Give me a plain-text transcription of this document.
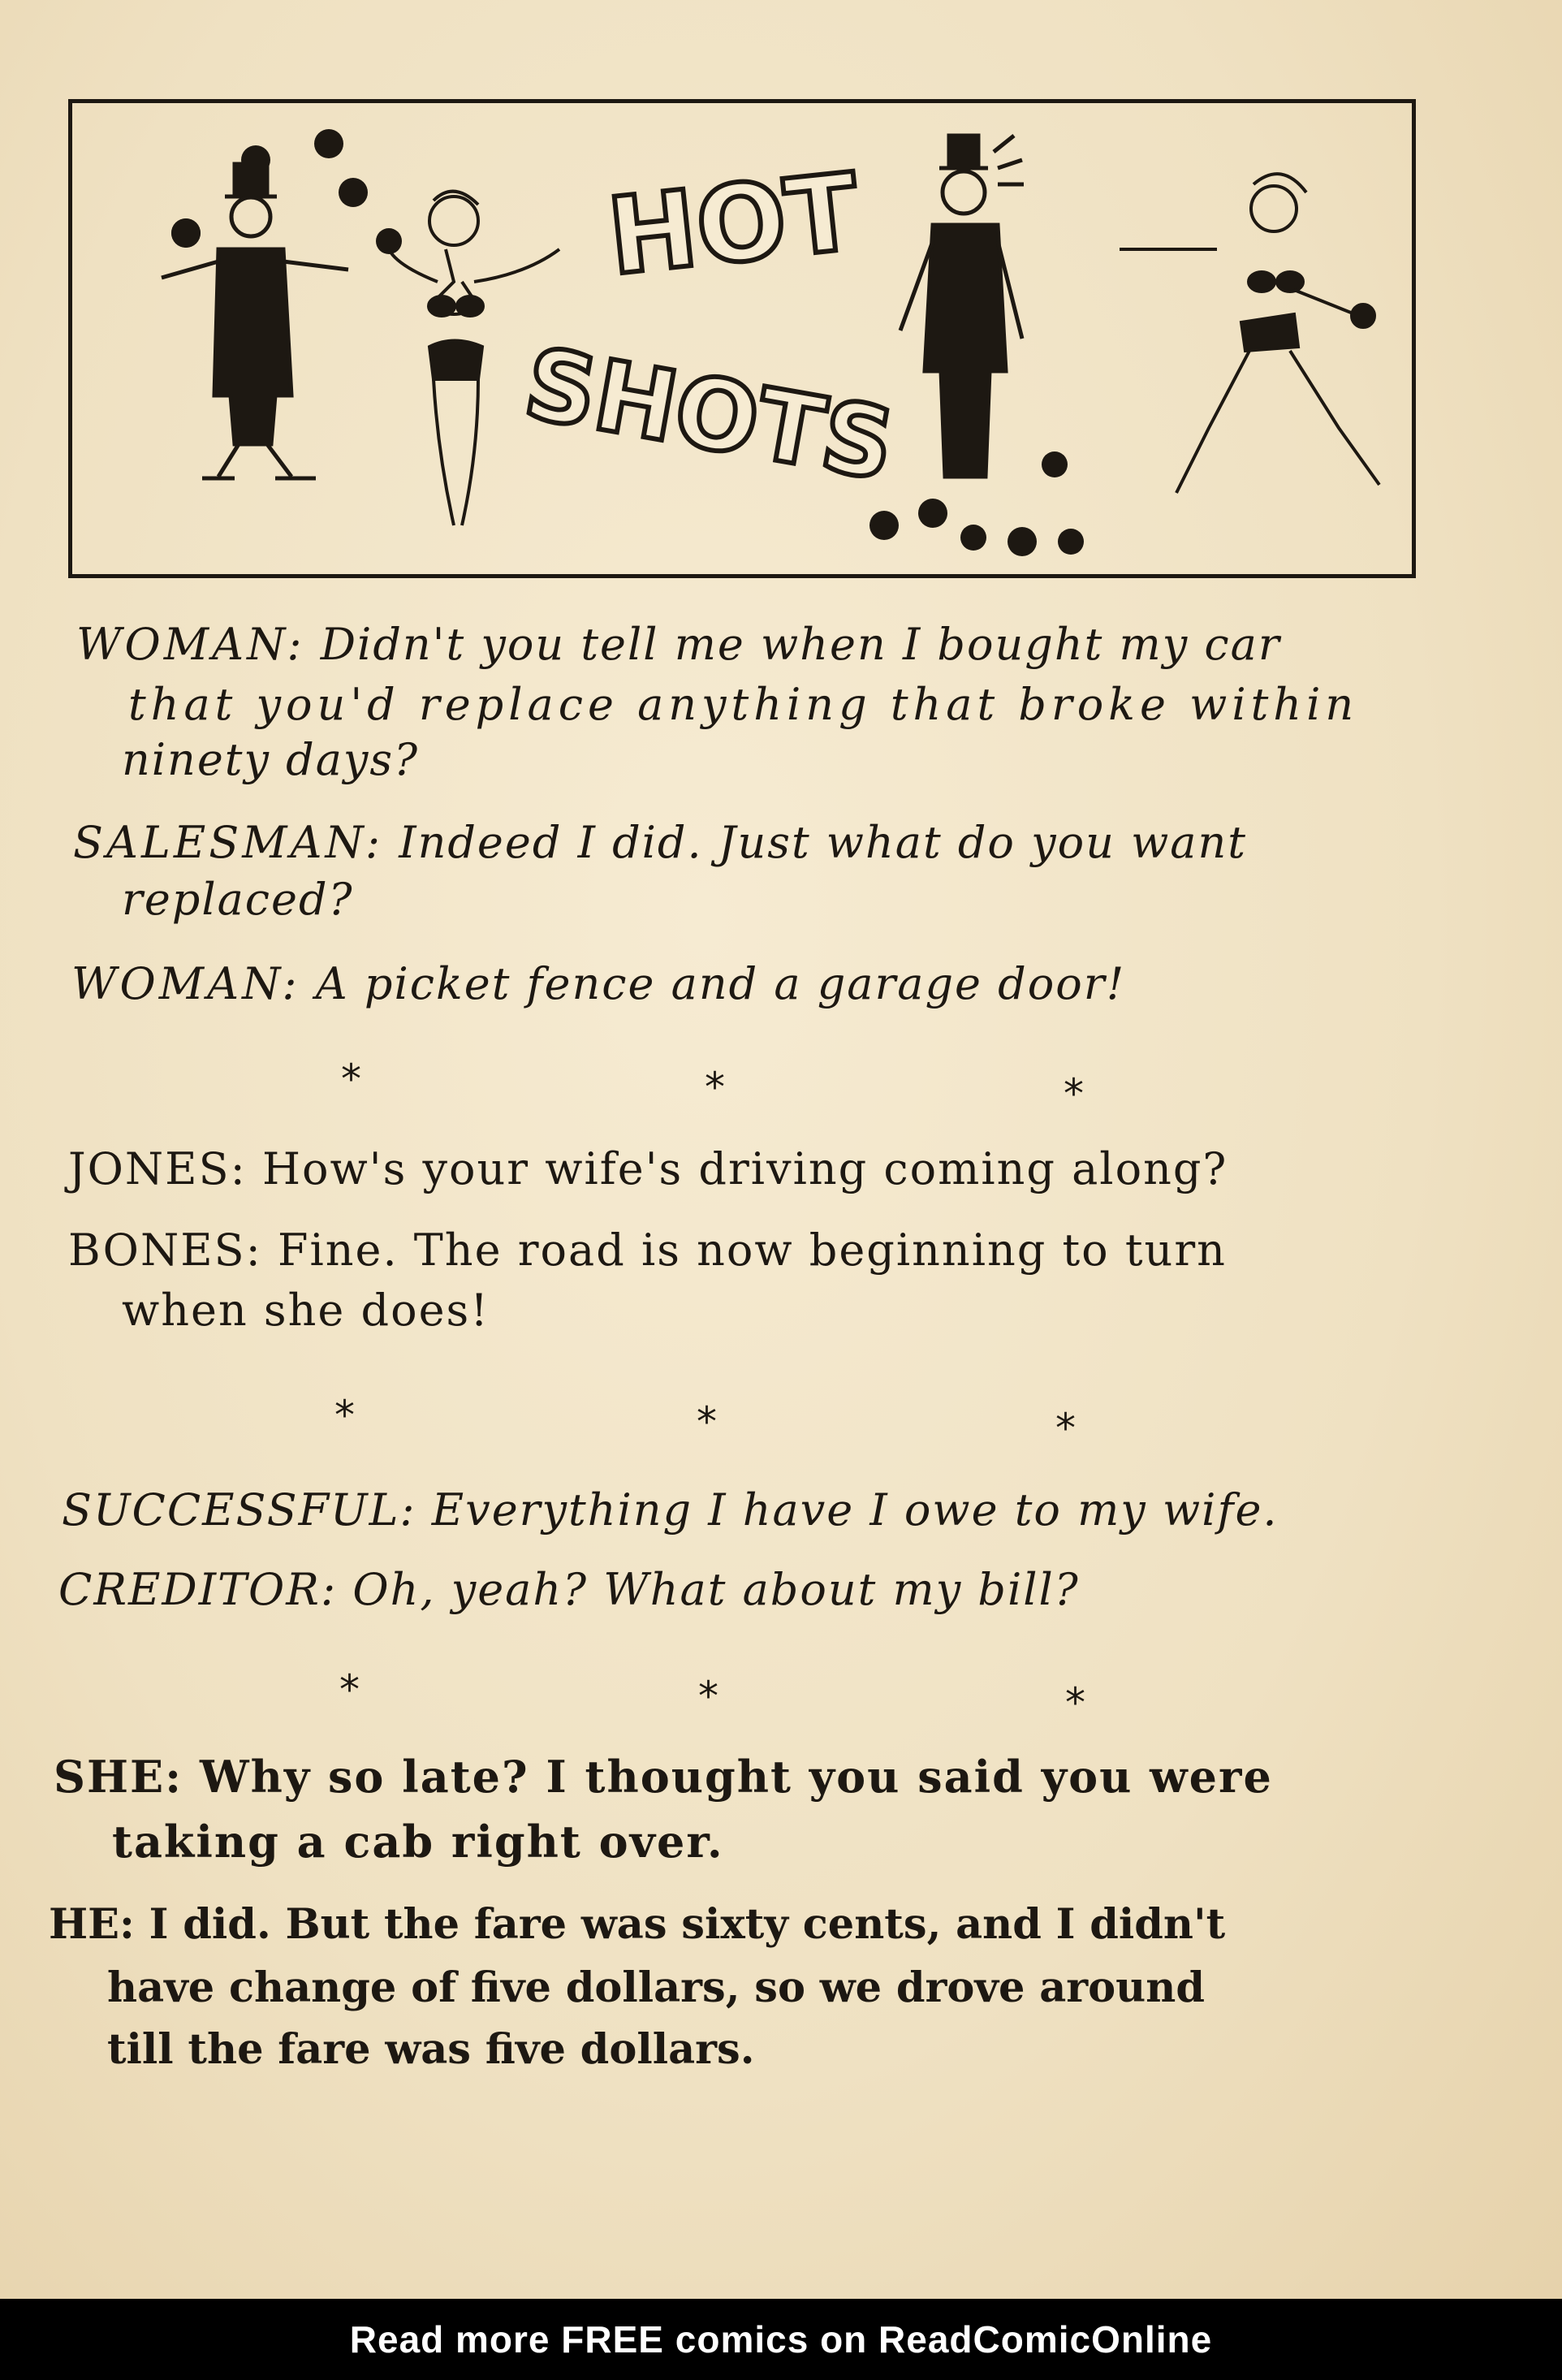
HOT
SHOTS
WOMAN: Didn't you tell me when I bought my car
that you'd replace anything that broke within
ninety days?
SALESMAN: Indeed I did. Just what do you want
replaced?
WOMAN: A picket fence and a garage door!
*	*	*
JONES: How's your wife's driving coming along?
BONES: Fine. The road is now beginning to turn
when she does!
*	*	*
SUCCESSFUL: Everything I have I owe to my wife.
CREDITOR: Oh, yeah? What about my bill?
*	*	*
SHE: Why so late? I thought you said you were
taking a cab right over.
HE: I did. But the fare was sixty cents, and I didn't
have change of five dollars, so we drove around
till the fare was five dollars.
Read more FREE comics on ReadComicOnline
